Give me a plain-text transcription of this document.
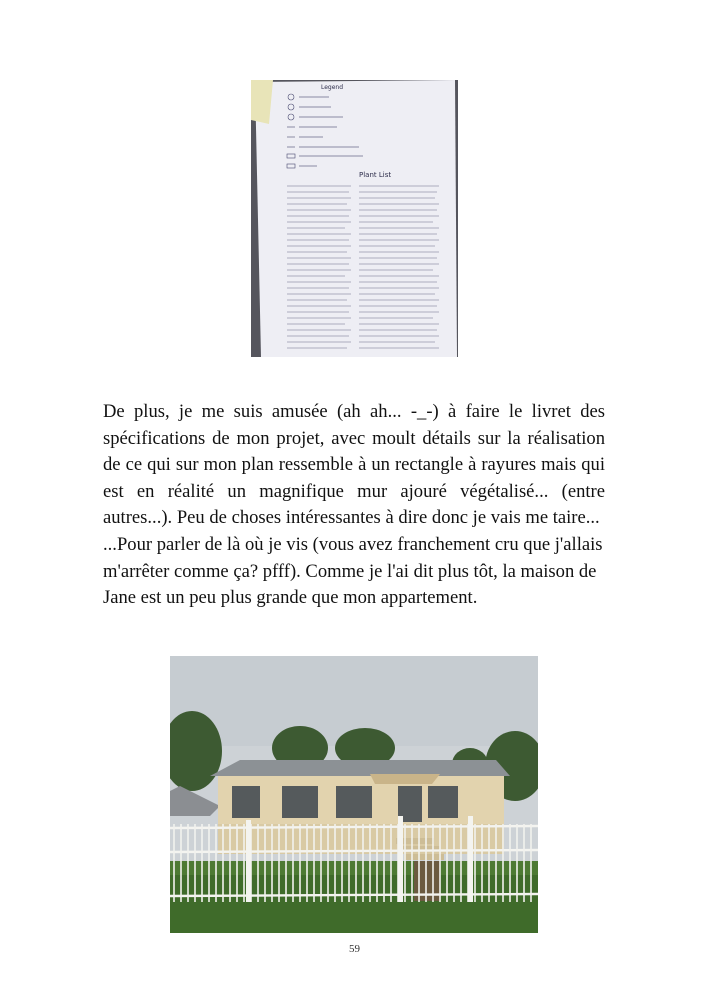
Legend
Plant List

De plus, je me suis amusée (ah ah... -_-) à faire le livret des spécifications de mon projet, avec moult détails sur la réalisation de ce qui sur mon plan ressemble à un rectangle à rayures mais qui est en réalité un magnifique mur ajouré végétalisé... (entre autres...). Peu de choses intéressantes à dire donc je vais me taire...

...Pour parler de là où je vis (vous avez franchement cru que j'allais m'arrêter comme ça? pfff). Comme je l'ai dit plus tôt, la maison de Jane est un peu plus grande que mon appartement.

59
